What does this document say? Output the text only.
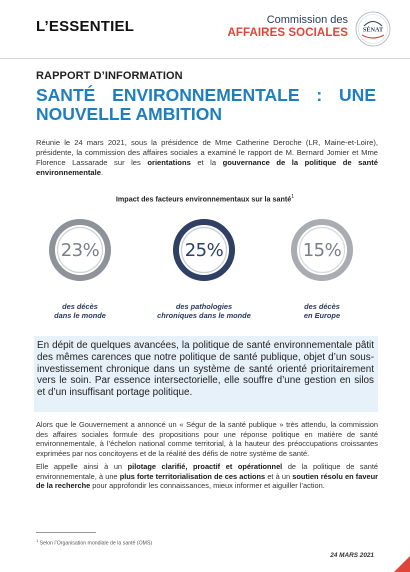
L’ESSENTIEL	Commission des
AFFAIRES SOCIALES SÉNAT
RAPPORT D’INFORMATION
SANTÉ ENVIRONNEMENTALE : UNE
NOUVELLE AMBITION

Réunie le 24 mars 2021, sous la présidence de Mme Catherine Deroche (LR, Maine-et-Loire), présidente, la commission des affaires sociales a examiné le rapport de M. Bernard Jomier et Mme Florence Lassarade sur les orientations et la gouvernance de la politique de santé environnementale.

Impact des facteurs environnementaux sur la santé$^1$
23%	25%	15%
des décès
dans le monde
des pathologies
chroniques dans le monde
des décès
en Europe

En dépit de quelques avancées, la politique de santé environnementale pâtit des mêmes carences que notre politique de santé publique, objet d’un sous-investissement chronique dans un système de santé orienté prioritairement vers le soin. Par essence intersectorielle, elle souffre d’une gestion en silos et d’un insuffisant portage politique.

Alors que le Gouvernement a annoncé un « Ségur de la santé publique » très attendu, la commission des affaires sociales formule des propositions pour une réponse politique en matière de santé environnementale, à l’échelon national comme territorial, à la hauteur des préoccupations croissantes exprimées par nos concitoyens et de la réalité des défis de notre système de santé.

Elle appelle ainsi à un pilotage clarifié, proactif et opérationnel de la politique de santé environnementale, à une plus forte territorialisation de ces actions et à un soutien résolu en faveur de la recherche pour approfondir les connaissances, mieux informer et aiguiller l’action.

$^1$ Selon l’Organisation mondiale de la santé (OMS)
24 MARS 2021
